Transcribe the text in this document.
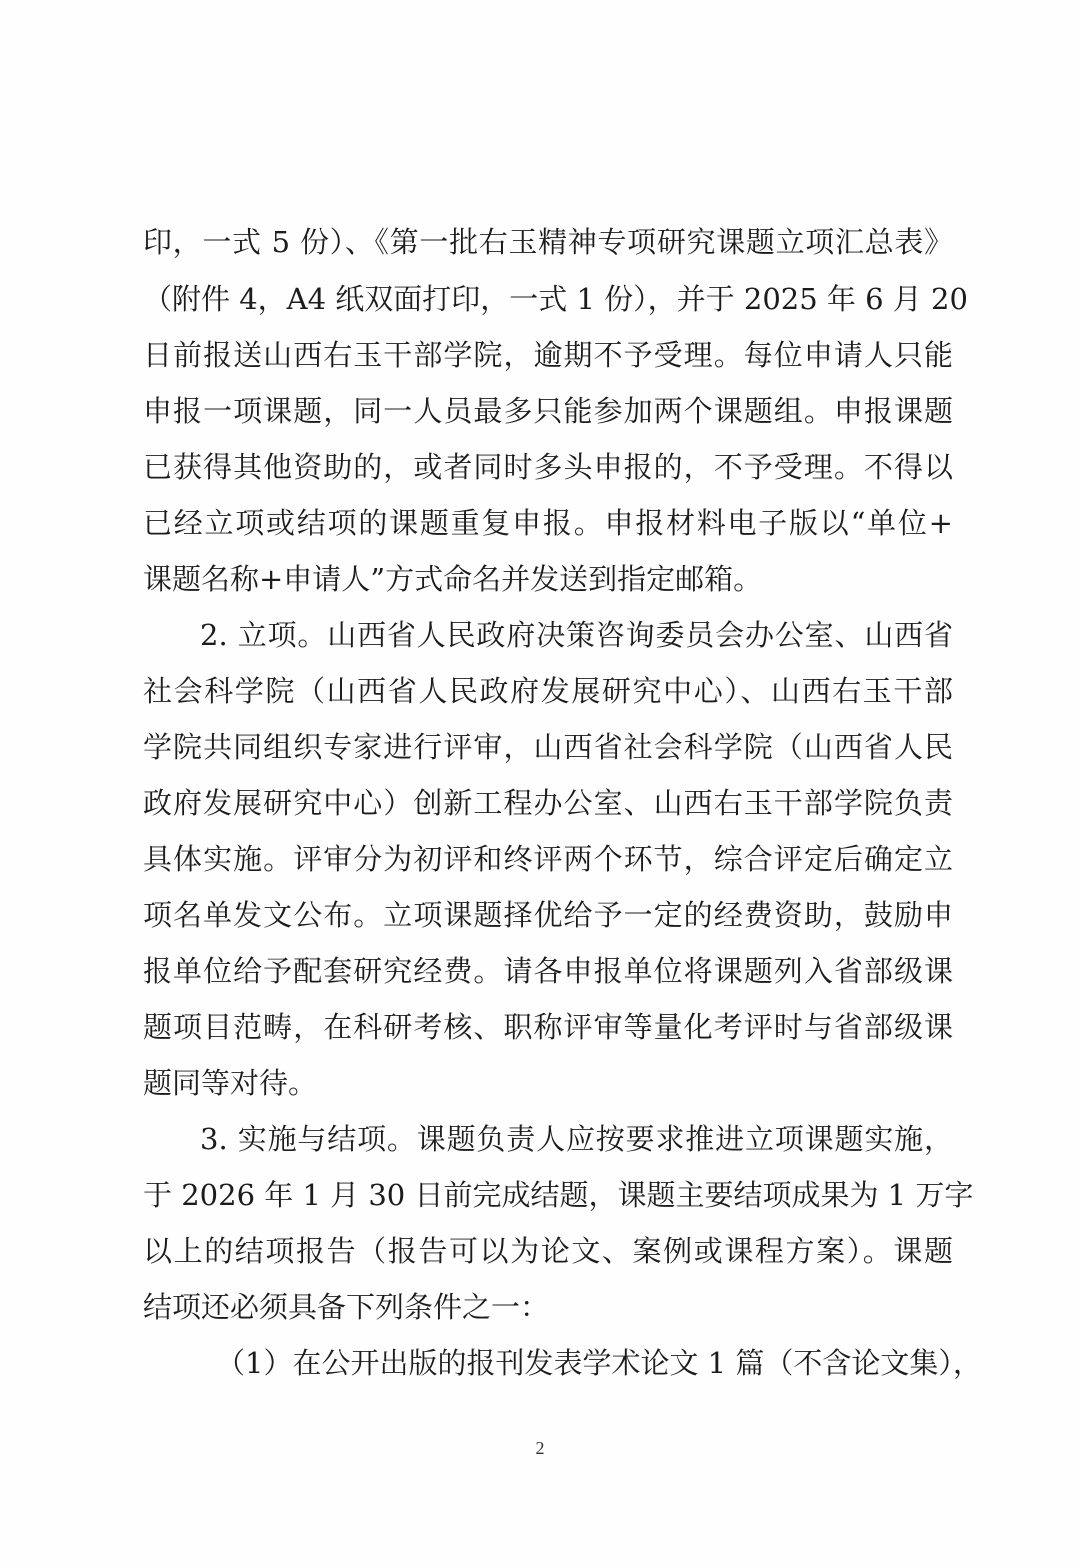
印，一式 5 份）、《第一批右玉精神专项研究课题立项汇总表》
（附件 4，A4 纸双面打印，一式 1 份），并于 2025 年 6 月 20
日前报送山西右玉干部学院，逾期不予受理。每位申请人只能
申报一项课题，同一人员最多只能参加两个课题组。申报课题
已获得其他资助的，或者同时多头申报的，不予受理。不得以
已经立项或结项的课题重复申报。申报材料电子版以“单位+
课题名称+申请人”方式命名并发送到指定邮箱。
2. 立项。山西省人民政府决策咨询委员会办公室、山西省
社会科学院（山西省人民政府发展研究中心）、山西右玉干部
学院共同组织专家进行评审，山西省社会科学院（山西省人民
政府发展研究中心）创新工程办公室、山西右玉干部学院负责
具体实施。评审分为初评和终评两个环节，综合评定后确定立
项名单发文公布。立项课题择优给予一定的经费资助，鼓励申
报单位给予配套研究经费。请各申报单位将课题列入省部级课
题项目范畴，在科研考核、职称评审等量化考评时与省部级课
题同等对待。
3. 实施与结项。课题负责人应按要求推进立项课题实施，
于 2026 年 1 月 30 日前完成结题，课题主要结项成果为 1 万字
以上的结项报告（报告可以为论文、案例或课程方案）。课题
结项还必须具备下列条件之一：
（1）在公开出版的报刊发表学术论文 1 篇（不含论文集），
2
